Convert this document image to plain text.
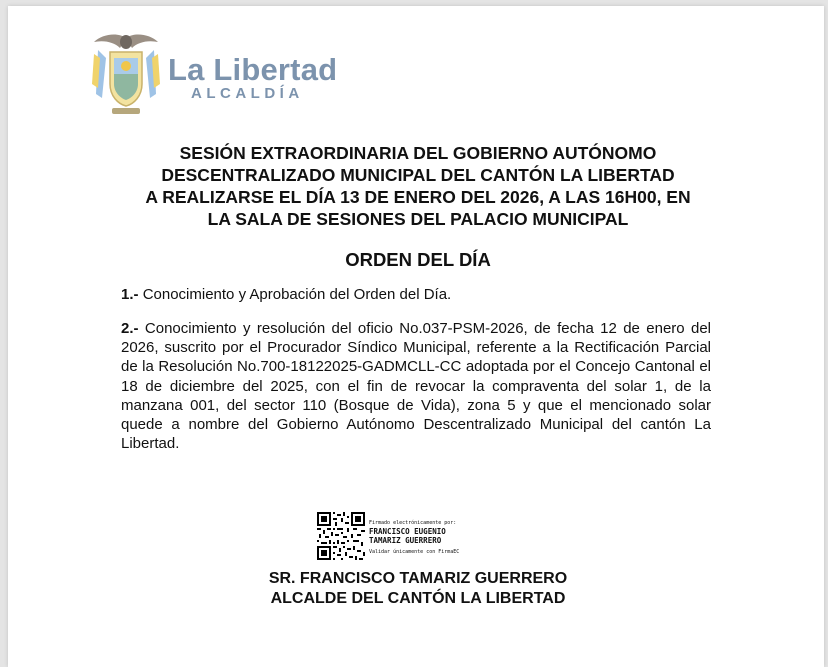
La Libertad
ALCALDÍA
SESIÓN EXTRAORDINARIA DEL GOBIERNO AUTÓNOMO
DESCENTRALIZADO MUNICIPAL DEL CANTÓN LA LIBERTAD
A REALIZARSE EL DÍA 13 DE ENERO DEL 2026, A LAS 16H00, EN
LA SALA DE SESIONES DEL PALACIO MUNICIPAL
ORDEN DEL DÍA
1.- Conocimiento y Aprobación del Orden del Día.
2.- Conocimiento y resolución del oficio No.037-PSM-2026, de fecha 12 de enero del 2026, suscrito por el Procurador Síndico Municipal, referente a la Rectificación Parcial de la Resolución No.700-18122025-GADMCLL-CC adoptada por el Concejo Cantonal el 18 de diciembre del 2025, con el fin de revocar la compraventa del solar 1, de la manzana 001, del sector 110 (Bosque de Vida), zona 5 y que el mencionado solar quede a nombre del Gobierno Autónomo Descentralizado Municipal del cantón La Libertad.
Firmado electrónicamente por:
FRANCISCO EUGENIO
TAMARIZ GUERRERO
Validar únicamente con FirmaEC
SR. FRANCISCO TAMARIZ GUERRERO
ALCALDE DEL CANTÓN LA LIBERTAD
